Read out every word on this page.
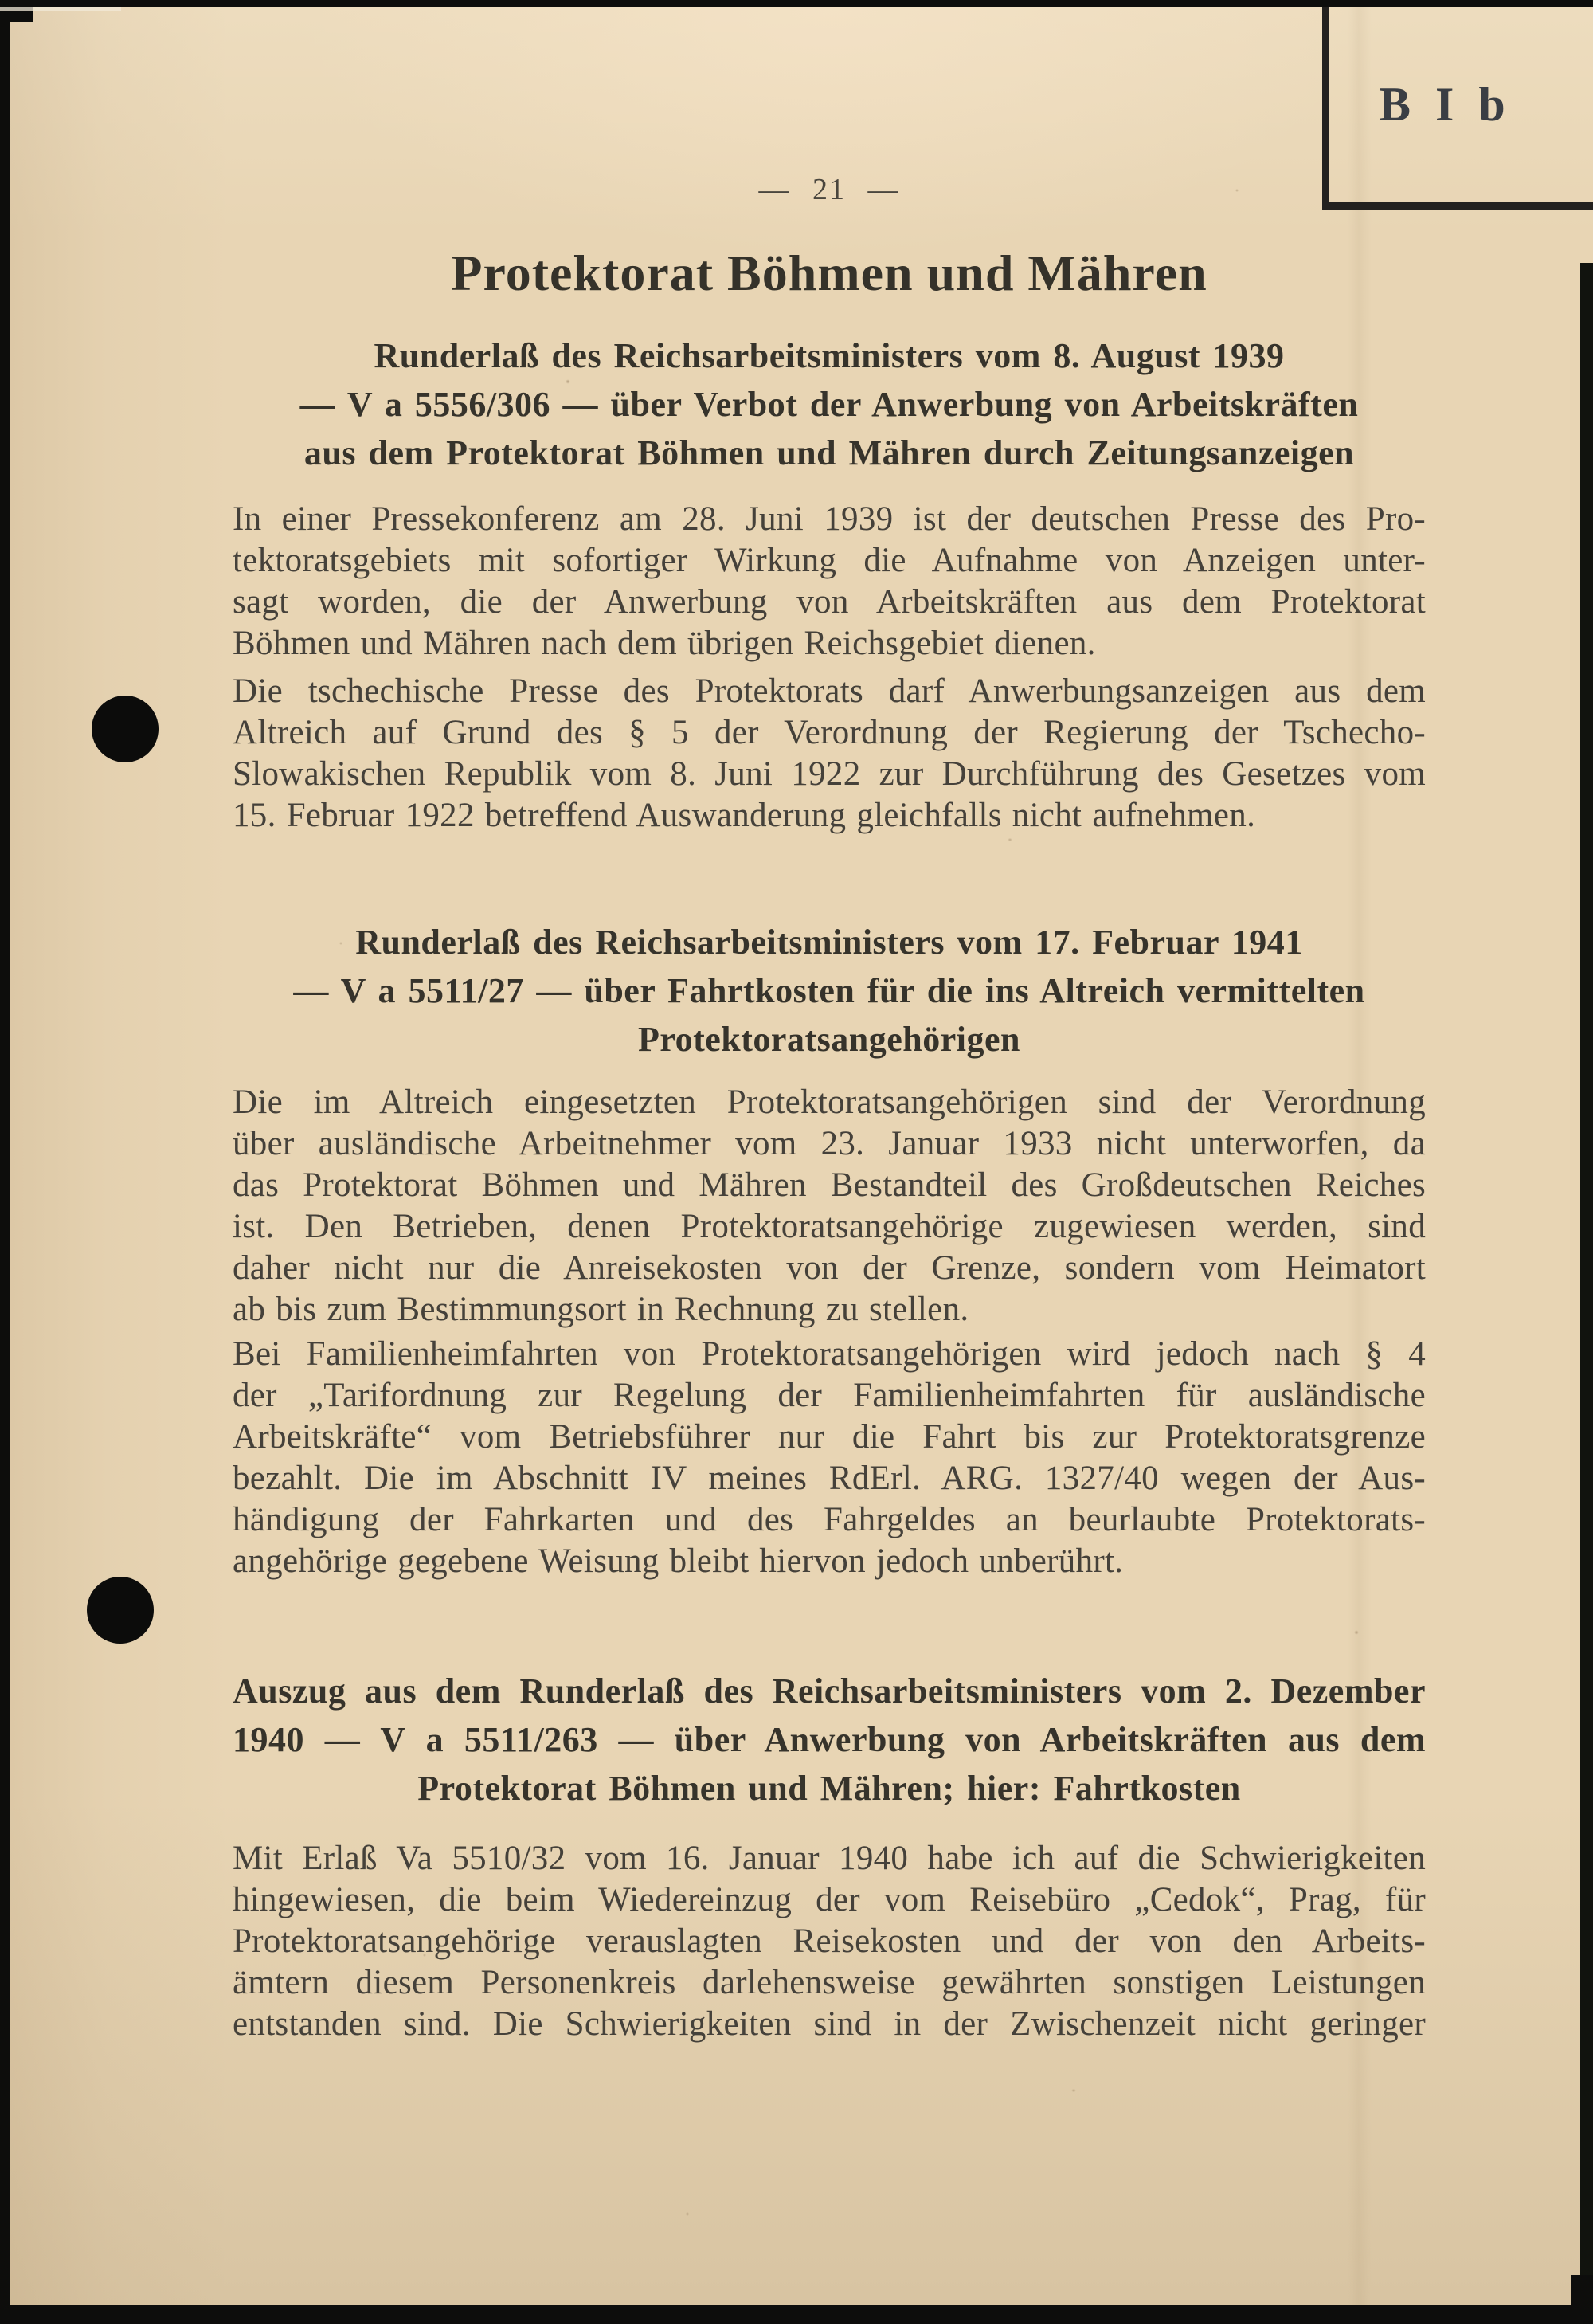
B I b
— 21 —
Protektorat Böhmen und Mähren
Runderlaß des Reichsarbeitsministers vom 8. August 1939
— V a 5556/306 — über Verbot der Anwerbung von Arbeitskräften
aus dem Protektorat Böhmen und Mähren durch Zeitungsanzeigen
In einer Pressekonferenz am 28. Juni 1939 ist der deutschen Presse des Pro-
tektoratsgebiets mit sofortiger Wirkung die Aufnahme von Anzeigen unter-
sagt worden, die der Anwerbung von Arbeitskräften aus dem Protektorat
Böhmen und Mähren nach dem übrigen Reichsgebiet dienen.
Die tschechische Presse des Protektorats darf Anwerbungsanzeigen aus dem
Altreich auf Grund des § 5 der Verordnung der Regierung der Tschecho-
Slowakischen Republik vom 8. Juni 1922 zur Durchführung des Gesetzes vom
15. Februar 1922 betreffend Auswanderung gleichfalls nicht aufnehmen.
Runderlaß des Reichsarbeitsministers vom 17. Februar 1941
— V a 5511/27 — über Fahrtkosten für die ins Altreich vermittelten
Protektoratsangehörigen
Die im Altreich eingesetzten Protektoratsangehörigen sind der Verordnung
über ausländische Arbeitnehmer vom 23. Januar 1933 nicht unterworfen, da
das Protektorat Böhmen und Mähren Bestandteil des Großdeutschen Reiches
ist. Den Betrieben, denen Protektoratsangehörige zugewiesen werden, sind
daher nicht nur die Anreisekosten von der Grenze, sondern vom Heimatort
ab bis zum Bestimmungsort in Rechnung zu stellen.
Bei Familienheimfahrten von Protektoratsangehörigen wird jedoch nach § 4
der „Tarifordnung zur Regelung der Familienheimfahrten für ausländische
Arbeitskräfte“ vom Betriebsführer nur die Fahrt bis zur Protektoratsgrenze
bezahlt. Die im Abschnitt IV meines RdErl. ARG. 1327/40 wegen der Aus-
händigung der Fahrkarten und des Fahrgeldes an beurlaubte Protektorats-
angehörige gegebene Weisung bleibt hiervon jedoch unberührt.
Auszug aus dem Runderlaß des Reichsarbeitsministers vom 2. Dezember
1940 — V a 5511/263 — über Anwerbung von Arbeitskräften aus dem
Protektorat Böhmen und Mähren; hier: Fahrtkosten
Mit Erlaß Va 5510/32 vom 16. Januar 1940 habe ich auf die Schwierigkeiten
hingewiesen, die beim Wiedereinzug der vom Reisebüro „Cedok“, Prag, für
Protektoratsangehörige verauslagten Reisekosten und der von den Arbeits-
ämtern diesem Personenkreis darlehensweise gewährten sonstigen Leistungen
entstanden sind. Die Schwierigkeiten sind in der Zwischenzeit nicht geringer
